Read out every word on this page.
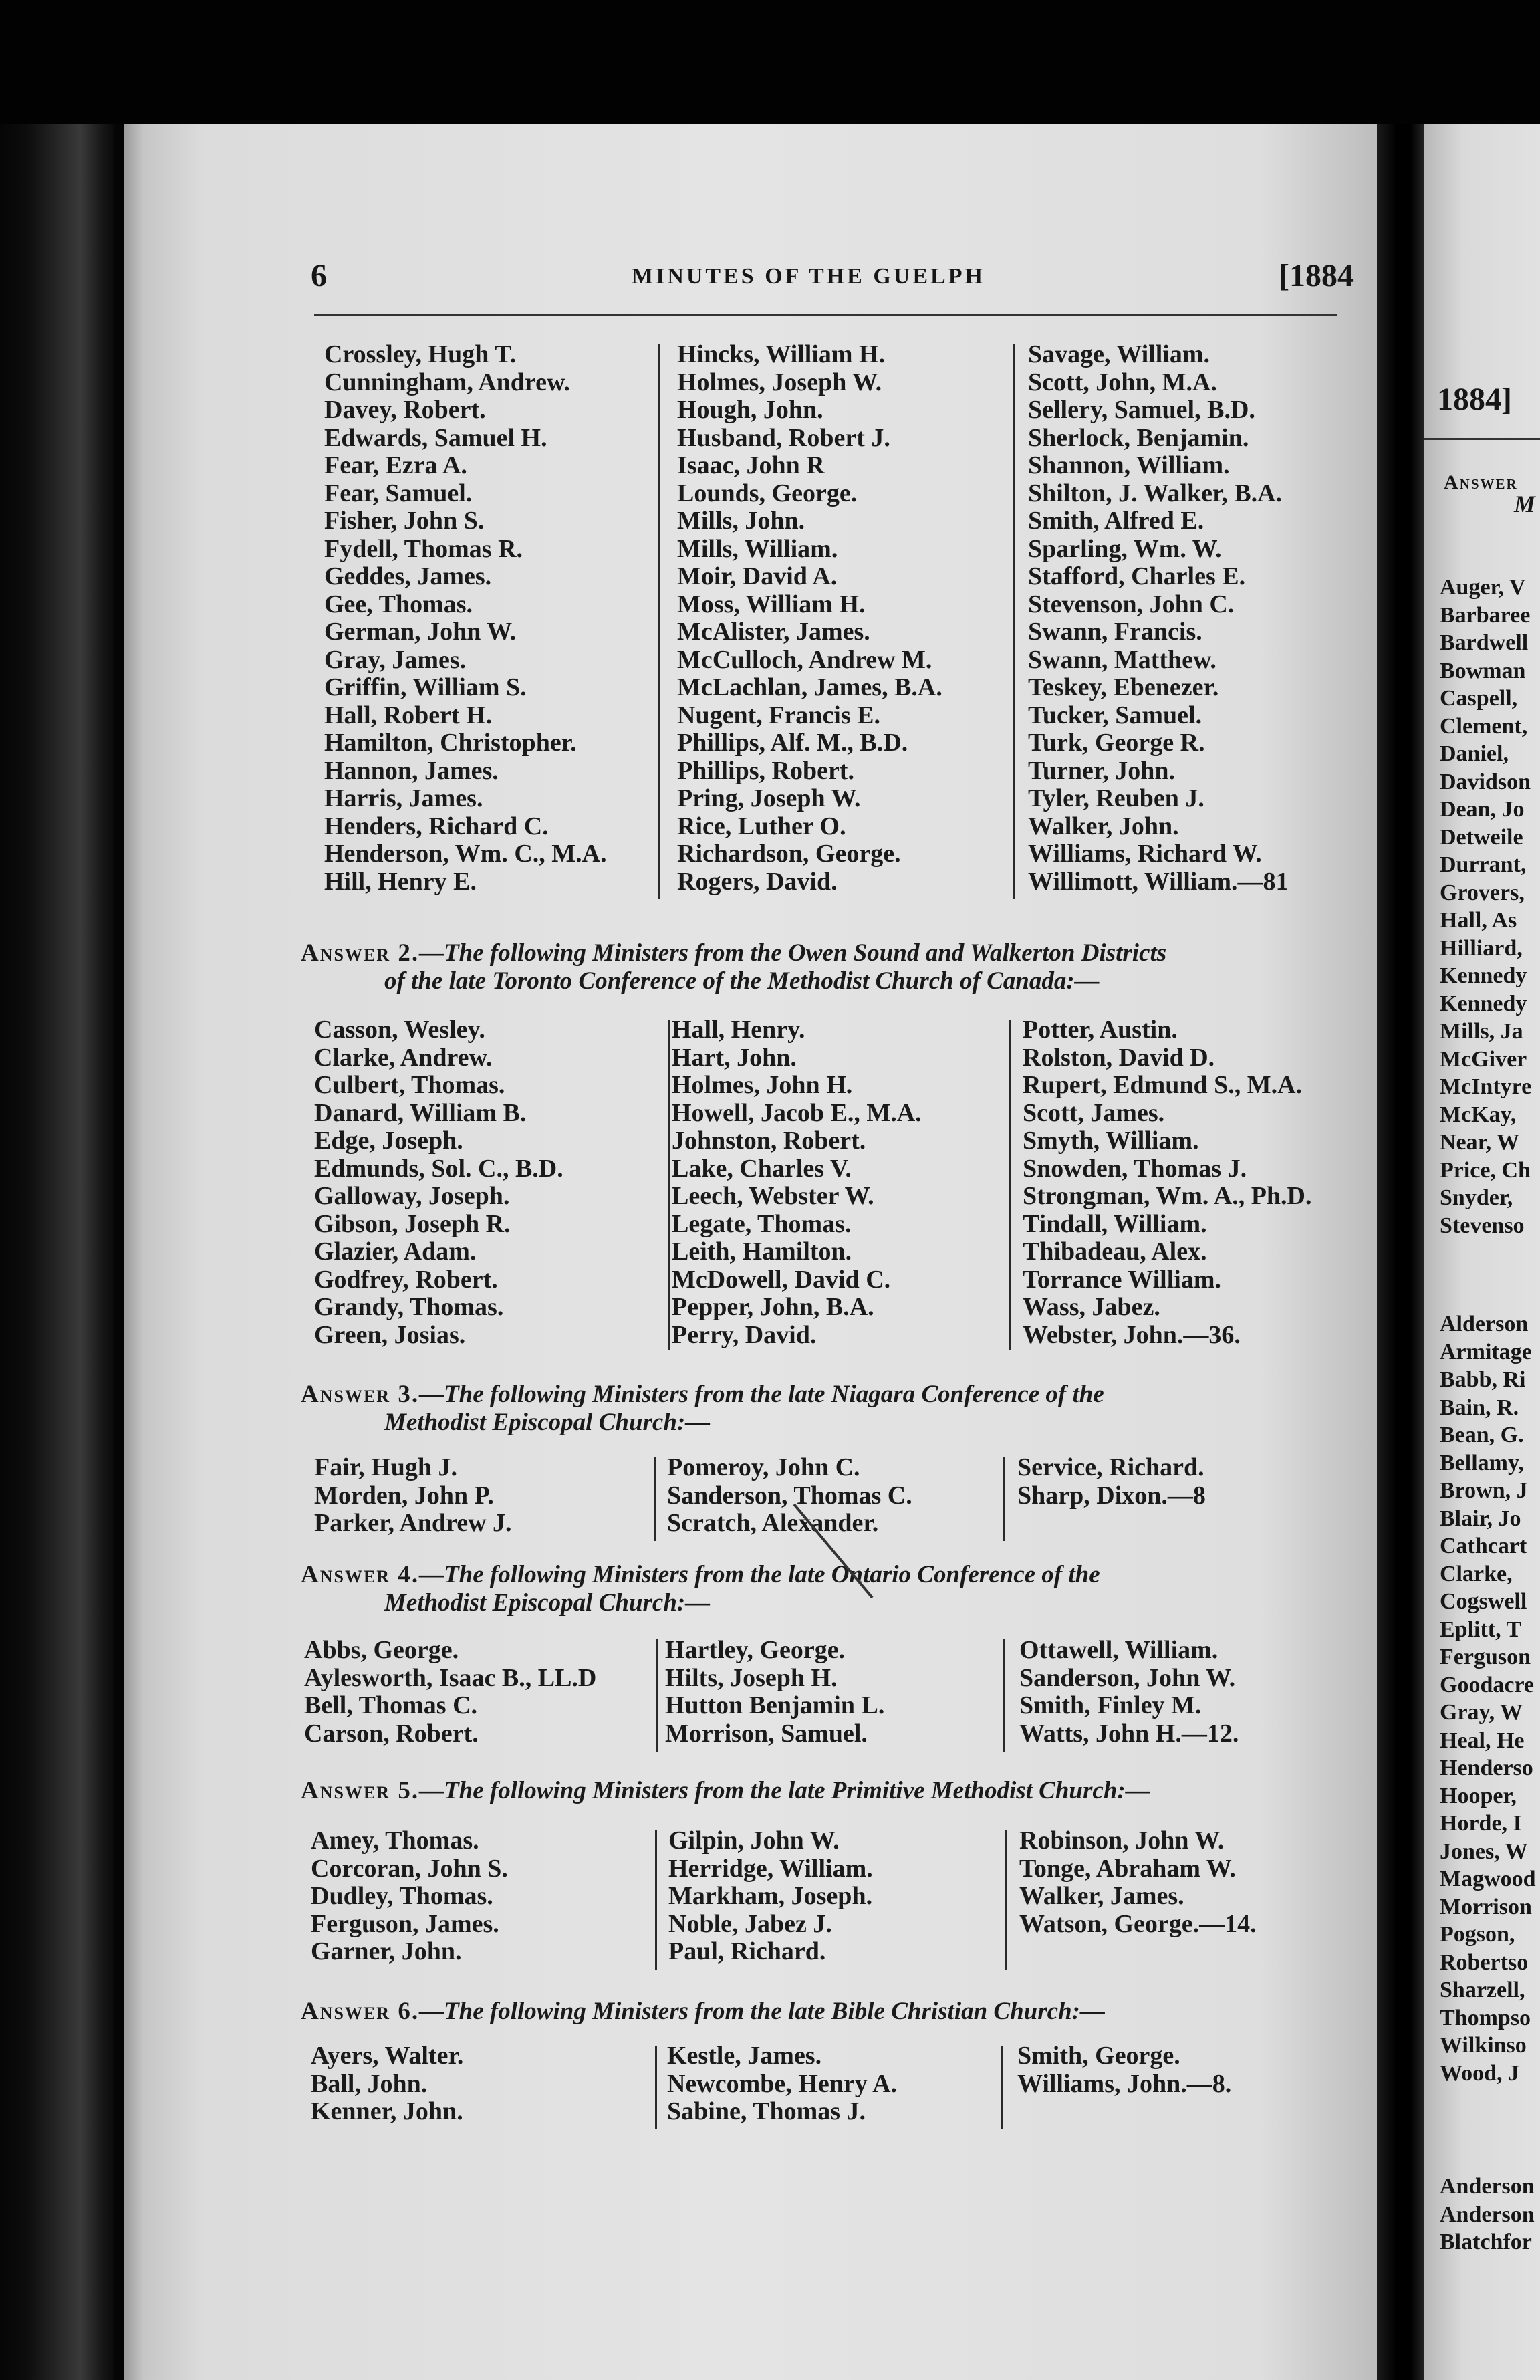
6	MINUTES OF THE GUELPH	[1884
Crossley, Hugh T.
Cunningham, Andrew.
Davey, Robert.
Edwards, Samuel H.
Fear, Ezra A.
Fear, Samuel.
Fisher, John S.
Fydell, Thomas R.
Geddes, James.
Gee, Thomas.
German, John W.
Gray, James.
Griffin, William S.
Hall, Robert H.
Hamilton, Christopher.
Hannon, James.
Harris, James.
Henders, Richard C.
Henderson, Wm. C., M.A.
Hill, Henry E.
Hincks, William H.
Holmes, Joseph W.
Hough, John.
Husband, Robert J.
Isaac, John R
Lounds, George.
Mills, John.
Mills, William.
Moir, David A.
Moss, William H.
McAlister, James.
McCulloch, Andrew M.
McLachlan, James, B.A.
Nugent, Francis E.
Phillips, Alf. M., B.D.
Phillips, Robert.
Pring, Joseph W.
Rice, Luther O.
Richardson, George.
Rogers, David.
Savage, William.
Scott, John, M.A.
Sellery, Samuel, B.D.
Sherlock, Benjamin.
Shannon, William.
Shilton, J. Walker, B.A.
Smith, Alfred E.
Sparling, Wm. W.
Stafford, Charles E.
Stevenson, John C.
Swann, Francis.
Swann, Matthew.
Teskey, Ebenezer.
Tucker, Samuel.
Turk, George R.
Turner, John.
Tyler, Reuben J.
Walker, John.
Williams, Richard W.
Willimott, William.—81
Answer 2.—The following Ministers from the Owen Sound and Walkerton Districts
of the late Toronto Conference of the Methodist Church of Canada:—
Casson, Wesley.
Clarke, Andrew.
Culbert, Thomas.
Danard, William B.
Edge, Joseph.
Edmunds, Sol. C., B.D.
Galloway, Joseph.
Gibson, Joseph R.
Glazier, Adam.
Godfrey, Robert.
Grandy, Thomas.
Green, Josias.
Hall, Henry.
Hart, John.
Holmes, John H.
Howell, Jacob E., M.A.
Johnston, Robert.
Lake, Charles V.
Leech, Webster W.
Legate, Thomas.
Leith, Hamilton.
McDowell, David C.
Pepper, John, B.A.
Perry, David.
Potter, Austin.
Rolston, David D.
Rupert, Edmund S., M.A.
Scott, James.
Smyth, William.
Snowden, Thomas J.
Strongman, Wm. A., Ph.D.
Tindall, William.
Thibadeau, Alex.
Torrance William.
Wass, Jabez.
Webster, John.—36.
Answer 3.—The following Ministers from the late Niagara Conference of the
Methodist Episcopal Church:—
Fair, Hugh J.
Morden, John P.
Parker, Andrew J.
Pomeroy, John C.
Sanderson, Thomas C.
Scratch, Alexander.
Service, Richard.
Sharp, Dixon.—8
Answer 4.—The following Ministers from the late Ontario Conference of the
Methodist Episcopal Church:—
Abbs, George.
Aylesworth, Isaac B., LL.D
Bell, Thomas C.
Carson, Robert.
Hartley, George.
Hilts, Joseph H.
Hutton Benjamin L.
Morrison, Samuel.
Ottawell, William.
Sanderson, John W.
Smith, Finley M.
Watts, John H.—12.
Answer 5.—The following Ministers from the late Primitive Methodist Church:—
Amey, Thomas.
Corcoran, John S.
Dudley, Thomas.
Ferguson, James.
Garner, John.
Gilpin, John W.
Herridge, William.
Markham, Joseph.
Noble, Jabez J.
Paul, Richard.
Robinson, John W.
Tonge, Abraham W.
Walker, James.
Watson, George.—14.
Answer 6.—The following Ministers from the late Bible Christian Church:—
Ayers, Walter.
Ball, John.
Kenner, John.
Kestle, James.
Newcombe, Henry A.
Sabine, Thomas J.
Smith, George.
Williams, John.—8.
1884]
Answer
M
Auger, V
Barbaree
Bardwell
Bowman
Caspell,
Clement,
Daniel,
Davidson
Dean, Jo
Detweile
Durrant,
Grovers,
Hall, As
Hilliard,
Kennedy
Kennedy
Mills, Ja
McGiver
McIntyre
McKay,
Near, W
Price, Ch
Snyder,
Stevenso
Alderson
Armitage
Babb, Ri
Bain, R.
Bean, G.
Bellamy,
Brown, J
Blair, Jo
Cathcart
Clarke,
Cogswell
Eplitt, T
Ferguson
Goodacre
Gray, W
Heal, He
Henderso
Hooper,
Horde, I
Jones, W
Magwood
Morrison
Pogson,
Robertso
Sharzell,
Thompso
Wilkinso
Wood, J
Anderson
Anderson
Blatchfor
